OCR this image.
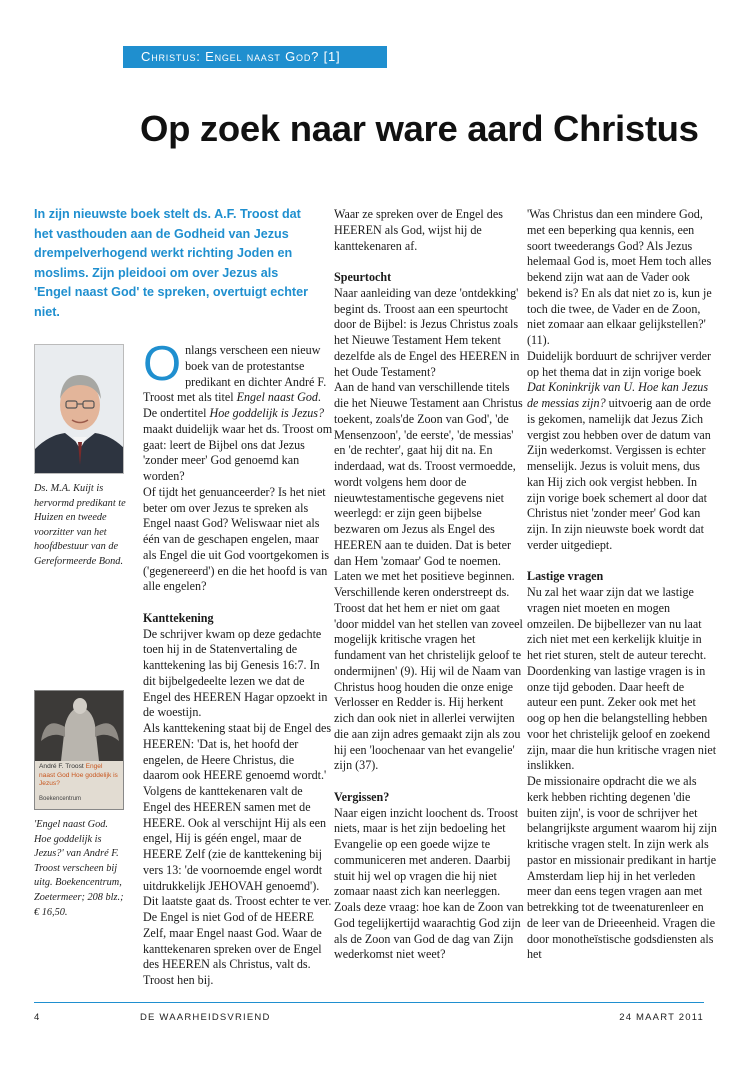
Christus: Engel naast God? [1]
Op zoek naar ware aard Christus
In zijn nieuwste boek stelt ds. A.F. Troost dat het vasthouden aan de Godheid van Jezus drempelverhogend werkt richting Joden en moslims. Zijn pleidooi om over Jezus als 'Engel naast God' te spreken, overtuigt echter niet.
Ds. M.A. Kuijt is hervormd predikant te Huizen en tweede voorzitter van het hoofdbestuur van de Gereformeerde Bond.
André F. Troost Engel
naast God Hoe goddelijk is Jezus?
Boekencentrum
'Engel naast God. Hoe goddelijk is Jezus?' van André F. Troost verscheen bij uitg. Boekencentrum, Zoetermeer; 208 blz.; € 16,50.

Onlangs verscheen een nieuw boek van de protestantse predikant en dichter André F. Troost met als titel Engel naast God. De ondertitel Hoe goddelijk is Jezus? maakt duidelijk waar het ds. Troost om gaat: leert de Bijbel ons dat Jezus 'zonder meer' God genoemd kan worden?

Of tijdt het genuanceerder? Is het niet beter om over Jezus te spreken als Engel naast God? Weliswaar niet als één van de geschapen engelen, maar als Engel die uit God voortgekomen is ('gegenereerd') en die het hoofd is van alle engelen?

Kanttekening

De schrijver kwam op deze gedachte toen hij in de Statenvertaling de kanttekening las bij Genesis 16:7. In dit bijbelgedeelte lezen we dat de Engel des HEEREN Hagar opzoekt in de woestijn.

Als kanttekening staat bij de Engel des HEEREN: 'Dat is, het hoofd der engelen, de Heere Christus, die daarom ook HEERE genoemd wordt.' Volgens de kanttekenaren valt de Engel des HEEREN samen met de HEERE. Ook al verschijnt Hij als een engel, Hij is géén engel, maar de HEERE Zelf (zie de kanttekening bij vers 13: 'de voornoemde engel wordt uitdrukkelijk JEHOVAH genoemd').

Dit laatste gaat ds. Troost echter te ver. De Engel is niet God of de HEERE Zelf, maar Engel naast God. Waar de kanttekenaren spreken over de Engel des HEEREN als Christus, valt ds. Troost hen bij.

Waar ze spreken over de Engel des HEEREN als God, wijst hij de kanttekenaren af.

Speurtocht

Naar aanleiding van deze 'ontdekking' begint ds. Troost aan een speurtocht door de Bijbel: is Jezus Christus zoals het Nieuwe Testament Hem tekent dezelfde als de Engel des HEEREN in het Oude Testament?

Aan de hand van verschillende titels die het Nieuwe Testament aan Christus toekent, zoals'de Zoon van God', 'de Mensenzoon', 'de eerste', 'de messias' en 'de rechter', gaat hij dit na. En inderdaad, wat ds. Troost vermoedde, wordt volgens hem door de nieuwtestamentische gegevens niet weerlegd: er zijn geen bijbelse bezwaren om Jezus als Engel des HEEREN aan te duiden. Dat is beter dan Hem 'zomaar' God te noemen.

Laten we met het positieve beginnen. Verschillende keren onderstreept ds. Troost dat het hem er niet om gaat 'door middel van het stellen van zoveel mogelijk kritische vragen het fundament van het christelijk geloof te ondermijnen' (9). Hij wil de Naam van Christus hoog houden die onze enige Verlosser en Redder is. Hij herkent zich dan ook niet in allerlei verwijten die aan zijn adres gemaakt zijn als zou hij een 'loochenaar van het evangelie' zijn (37).

Vergissen?

Naar eigen inzicht loochent ds. Troost niets, maar is het zijn bedoeling het Evangelie op een goede wijze te communiceren met anderen. Daarbij stuit hij wel op vragen die hij niet zomaar naast zich kan neerleggen. Zoals deze vraag: hoe kan de Zoon van God tegelijkertijd waarachtig God zijn als de Zoon van God de dag van Zijn wederkomst niet weet?

'Was Christus dan een mindere God, met een beperking qua kennis, een soort tweederangs God? Als Jezus helemaal God is, moet Hem toch alles bekend zijn wat aan de Vader ook bekend is? En als dat niet zo is, kun je toch die twee, de Vader en de Zoon, niet zomaar aan elkaar gelijkstellen?' (11).

Duidelijk borduurt de schrijver verder op het thema dat in zijn vorige boek Dat Koninkrijk van U. Hoe kan Jezus de messias zijn? uitvoerig aan de orde is gekomen, namelijk dat Jezus Zich vergist zou hebben over de datum van Zijn wederkomst. Vergissen is echter menselijk. Jezus is voluit mens, dus kan Hij zich ook vergist hebben. In zijn vorige boek schemert al door dat Christus niet 'zonder meer' God kan zijn. In zijn nieuwste boek wordt dat verder uitgediept.

Lastige vragen

Nu zal het waar zijn dat we lastige vragen niet moeten en mogen omzeilen. De bijbellezer van nu laat zich niet met een kerkelijk kluitje in het riet sturen, stelt de auteur terecht. Doordenking van lastige vragen is in onze tijd geboden. Daar heeft de auteur een punt. Zeker ook met het oog op hen die belangstelling hebben voor het christelijk geloof en zoekend zijn, maar die hun kritische vragen niet inslikken.

De missionaire opdracht die we als kerk hebben richting degenen 'die buiten zijn', is voor de schrijver het belangrijkste argument waarom hij zijn kritische vragen stelt. In zijn werk als pastor en missionair predikant in hartje Amsterdam liep hij in het verleden meer dan eens tegen vragen aan met betrekking tot de tweenaturenleer en de leer van de Drieeenheid. Vragen die door monotheïstische godsdiensten als het

4	DE WAARHEIDSVRIEND	24 MAART 2011
